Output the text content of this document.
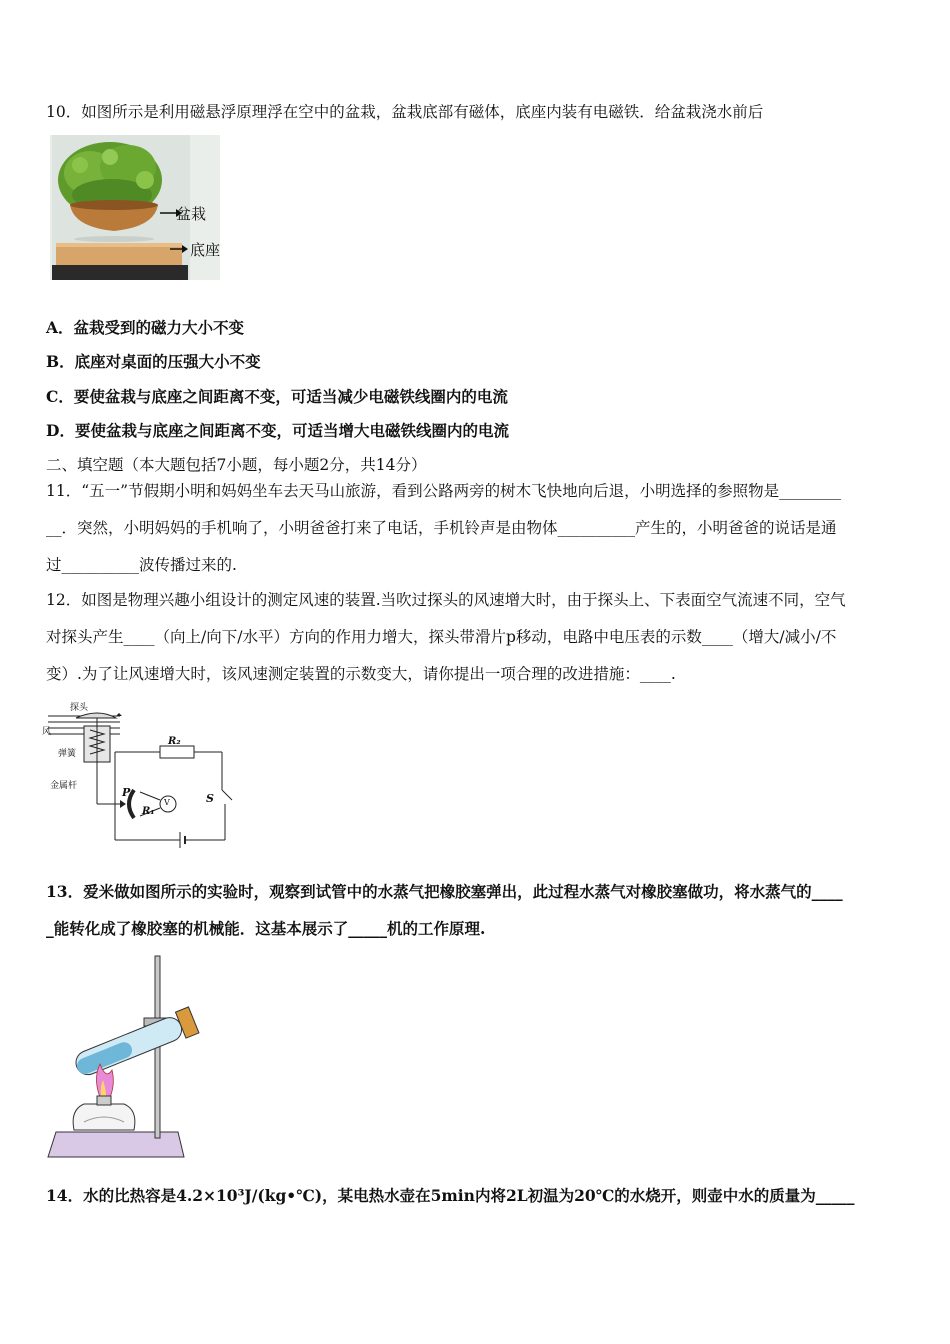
10．如图所示是利用磁悬浮原理浮在空中的盆栽，盆栽底部有磁体，底座内装有电磁铁．给盆栽浇水前后
盆栽
底座
A．盆栽受到的磁力大小不变
B．底座对桌面的压强大小不变
C．要使盆栽与底座之间距离不变，可适当减少电磁铁线圈内的电流
D．要使盆栽与底座之间距离不变，可适当增大电磁铁线圈内的电流
二、填空题（本大题包括7小题，每小题2分，共14分）
11．“五一”节假期小明和妈妈坐车去天马山旅游，看到公路两旁的树木飞快地向后退，小明选择的参照物是________
__．突然，小明妈妈的手机响了，小明爸爸打来了电话，手机铃声是由物体__________产生的，小明爸爸的说话是通
过__________波传播过来的.
12．如图是物理兴趣小组设计的测定风速的装置.当吹过探头的风速增大时，由于探头上、下表面空气流速不同，空气
对探头产生____（向上/向下/水平）方向的作用力增大，探头带滑片p移动，电路中电压表的示数____（增大/减小/不
变）.为了让风速增大时，该风速测定装置的示数变大，请你提出一项合理的改进措施：____.
探头
风
弹簧
金属杆
R₂
P
R₁
V	S
13．爱米做如图所示的实验时，观察到试管中的水蒸气把橡胶塞弹出，此过程水蒸气对橡胶塞做功，将水蒸气的____
_能转化成了橡胶塞的机械能．这基本展示了_____机的工作原理.
14．水的比热容是4.2×10³J/(kg•℃)，某电热水壶在5min内将2L初温为20℃的水烧开，则壶中水的质量为_____
